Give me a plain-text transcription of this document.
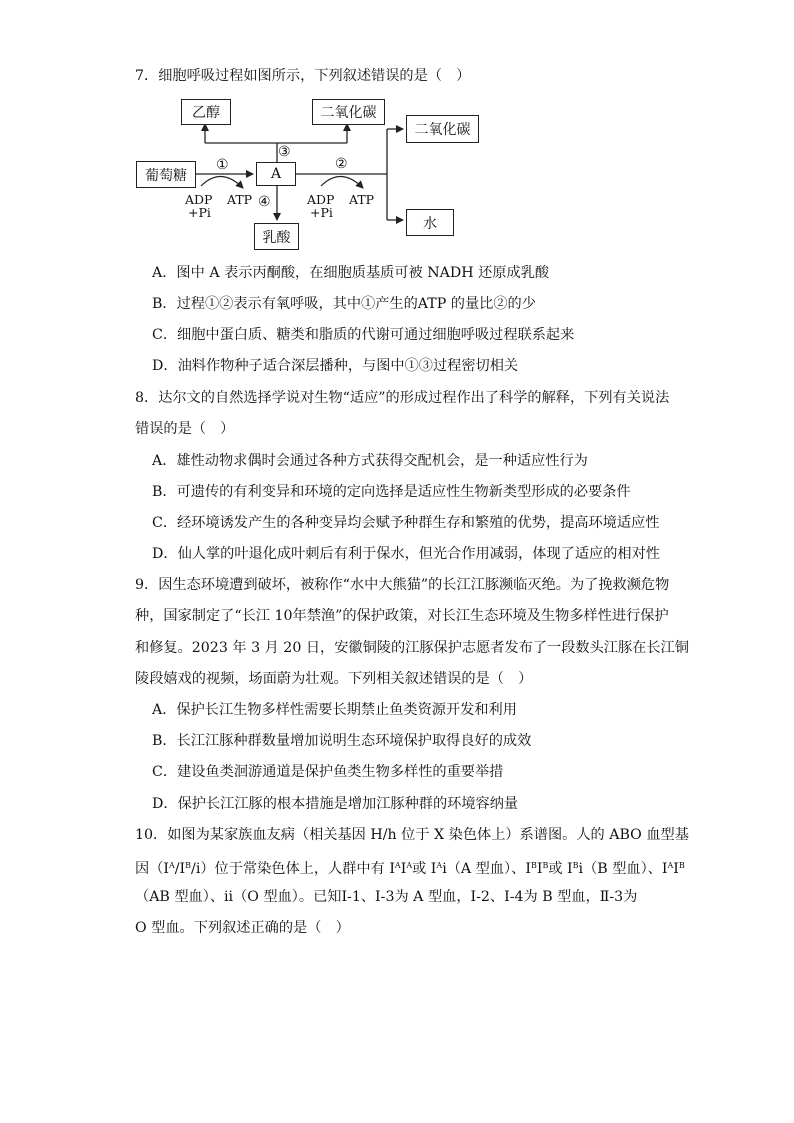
7．细胞呼吸过程如图所示，下列叙述错误的是（　）
乙醇	二氧化碳
二氧化碳
葡萄糖	A
水
乳酸
①
③
②
④
ADP
+Pi
ATP	ADP
+Pi
ATP
A．图中 A 表示丙酮酸，在细胞质基质可被 NADH 还原成乳酸
B．过程①②表示有氧呼吸，其中①产生的ATP 的量比②的少
C．细胞中蛋白质、糖类和脂质的代谢可通过细胞呼吸过程联系起来
D．油料作物种子适合深层播种，与图中①③过程密切相关
8．达尔文的自然选择学说对生物“适应”的形成过程作出了科学的解释，下列有关说法
错误的是（　）
A．雄性动物求偶时会通过各种方式获得交配机会，是一种适应性行为
B．可遗传的有利变异和环境的定向选择是适应性生物新类型形成的必要条件
C．经环境诱发产生的各种变异均会赋予种群生存和繁殖的优势，提高环境适应性
D．仙人掌的叶退化成叶刺后有利于保水，但光合作用减弱，体现了适应的相对性
9．因生态环境遭到破坏，被称作“水中大熊猫”的长江江豚濒临灭绝。为了挽救濒危物
种，国家制定了“长江 10年禁渔”的保护政策，对长江生态环境及生物多样性进行保护
和修复。2023 年 3 月 20 日，安徽铜陵的江豚保护志愿者发布了一段数头江豚在长江铜
陵段嬉戏的视频，场面蔚为壮观。下列相关叙述错误的是（　）
A．保护长江生物多样性需要长期禁止鱼类资源开发和利用
B．长江江豚种群数量增加说明生态环境保护取得良好的成效
C．建设鱼类洄游通道是保护鱼类生物多样性的重要举措
D．保护长江江豚的根本措施是增加江豚种群的环境容纳量
10．如图为某家族血友病（相关基因 H/h 位于 X 染色体上）系谱图。人的 ABO 血型基
因$(I^A/I^B/i)$位于常染色体上，人群中有 $I^AI^A$或 $I^Ai(A$ 型血）、$I^BI^B$或 $I^Bi(B$ 型血）、$I^AI^B$
（AB 型血）、ii（O 型血）。已知Ⅰ-1、Ⅰ-3为 A 型血，Ⅰ-2、Ⅰ-4为 B 型血，Ⅱ-3为
O 型血。下列叙述正确的是（　）
